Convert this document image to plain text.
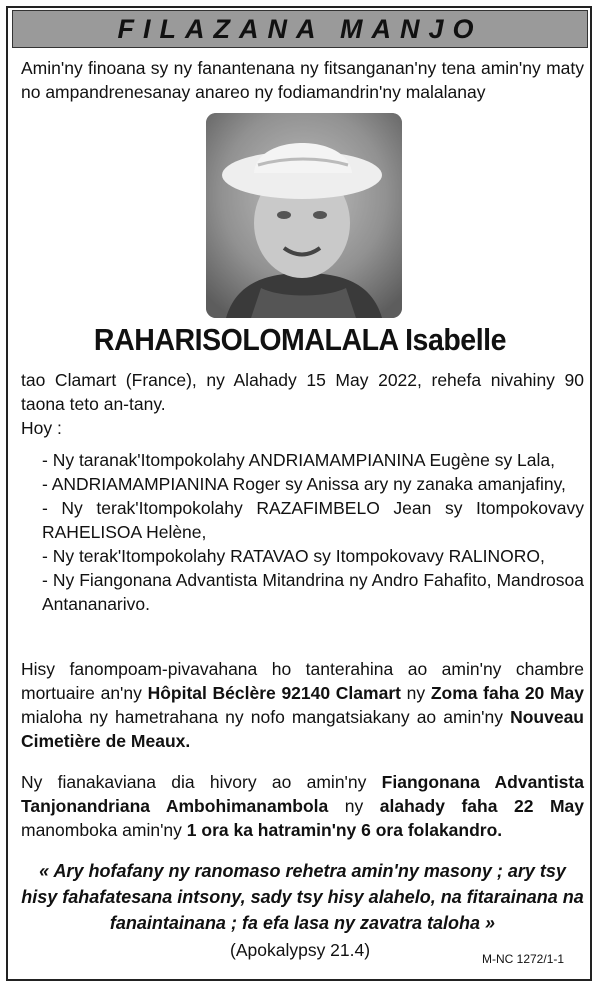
FILAZANA MANJO
Amin'ny finoana sy ny fanantenana ny fitsanganan'ny tena amin'ny maty no ampandrenesanay anareo ny fodiamandrin'ny malalanay
RAHARISOLOMALALA Isabelle
tao Clamart (France), ny Alahady 15 May 2022, rehefa nivahiny 90 taona teto an-tany.
Hoy :

- Ny taranak'Itompokolahy ANDRIAMAMPIANINA Eugène sy Lala,

- ANDRIAMAMPIANINA Roger sy Anissa ary ny zanaka amanjafiny,

- Ny terak'Itompokolahy RAZAFIMBELO Jean sy Itompokovavy RAHELISOA Helène,

- Ny terak'Itompokolahy RATAVAO sy Itompokovavy RALINORO,

- Ny Fiangonana Advantista Mitandrina ny Andro Fahafito, Mandrosoa Antananarivo.

Hisy fanompoam-pivavahana ho tanterahina ao amin'ny chambre mortuaire an'ny Hôpital Béclère 92140 Clamart ny Zoma faha 20 May mialoha ny hametrahana ny nofo mangatsiakany ao amin'ny Nouveau Cimetière de Meaux.
Ny fianakaviana dia hivory ao amin'ny Fiangonana Advantista Tanjonandriana Ambohimanambola ny alahady faha 22 May manomboka amin'ny 1 ora ka hatramin'ny 6 ora folakandro.
« Ary hofafany ny ranomaso rehetra amin'ny masony ; ary tsy hisy fahafatesana intsony, sady tsy hisy alahelo, na fitarainana na fanaintainana ; fa efa lasa ny zavatra taloha »
(Apokalypsy 21.4)	M-NC 1272/1-1
